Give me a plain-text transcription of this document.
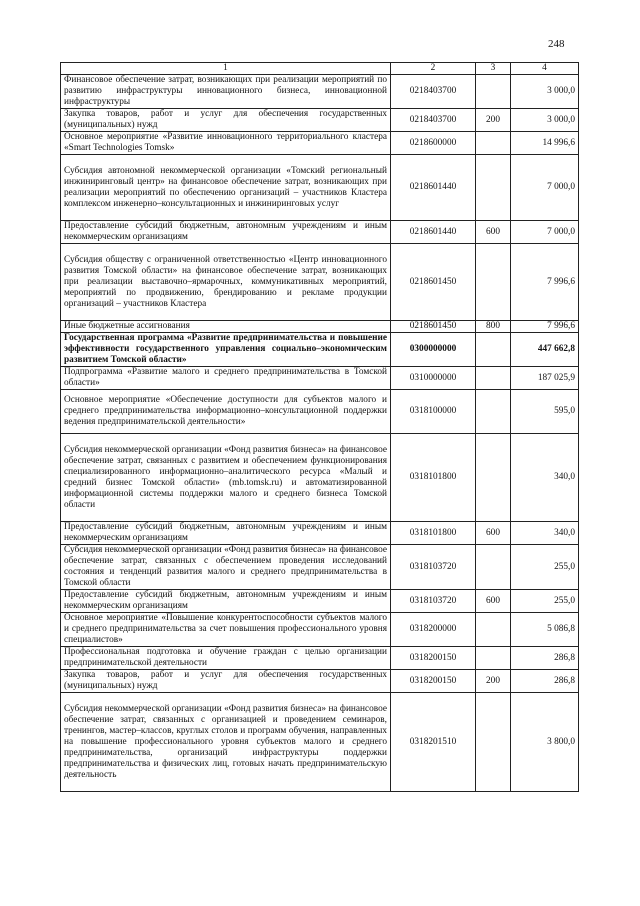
248
1	2	3	4
Финансовое обеспечение затрат, возникающих при реализации мероприятий по развитию инфраструктуры инновационного бизнеса, инновационной инфраструктуры	0218403700		3 000,0
Закупка товаров, работ и услуг для обеспечения государственных (муниципальных) нужд	0218403700	200	3 000,0
Основное мероприятие «Развитие инновационного территориального кластера «Smart Technologies Tomsk»	0218600000		14 996,6
Субсидия автономной некоммерческой организации «Томский региональный инжиниринговый центр» на финансовое обеспечение затрат, возникающих при реализации мероприятий по обеспечению организаций – участников Кластера комплексом инженерно–консультационных и инжиниринговых услуг	0218601440		7 000,0
Предоставление субсидий бюджетным, автономным учреждениям и иным некоммерческим организациям	0218601440	600	7 000,0
Субсидия обществу с ограниченной ответственностью «Центр инновационного развития Томской области» на финансовое обеспечение затрат, возникающих при реализации выставочно–ярмарочных, коммуникативных мероприятий, мероприятий по продвижению, брендированию и рекламе продукции организаций – участников Кластера	0218601450		7 996,6
Иные бюджетные ассигнования	0218601450	800	7 996,6
Государственная программа «Развитие предпринимательства и повышение эффективности государственного управления социально–экономическим развитием Томской области»	0300000000		447 662,8
Подпрограмма «Развитие малого и среднего предпринимательства в Томской области»	0310000000		187 025,9
Основное мероприятие «Обеспечение доступности для субъектов малого и среднего предпринимательства информационно–консультационной поддержки ведения предпринимательской деятельности»	0318100000		595,0
Субсидия некоммерческой организации «Фонд развития бизнеса» на финансовое обеспечение затрат, связанных с развитием и обеспечением функционирования специализированного информационно–аналитического ресурса «Малый и средний бизнес Томской области» (mb.tomsk.ru) и автоматизированной информационной системы поддержки малого и среднего бизнеса Томской области	0318101800		340,0
Предоставление субсидий бюджетным, автономным учреждениям и иным некоммерческим организациям	0318101800	600	340,0
Субсидия некоммерческой организации «Фонд развития бизнеса» на финансовое обеспечение затрат, связанных с обеспечением проведения исследований состояния и тенденций развития малого и среднего предпринимательства в Томской области	0318103720		255,0
Предоставление субсидий бюджетным, автономным учреждениям и иным некоммерческим организациям	0318103720	600	255,0
Основное мероприятие «Повышение конкурентоспособности субъектов малого и среднего предпринимательства за счет повышения профессионального уровня специалистов»	0318200000		5 086,8
Профессиональная подготовка и обучение граждан с целью организации предпринимательской деятельности	0318200150		286,8
Закупка товаров, работ и услуг для обеспечения государственных (муниципальных) нужд	0318200150	200	286,8
Субсидия некоммерческой организации «Фонд развития бизнеса» на финансовое обеспечение затрат, связанных с организацией и проведением семинаров, тренингов, мастер–классов, круглых столов и программ обучения, направленных на повышение профессионального уровня субъектов малого и среднего предпринимательства, организаций инфраструктуры поддержки предпринимательства и физических лиц, готовых начать предпринимательскую деятельность	0318201510		3 800,0
